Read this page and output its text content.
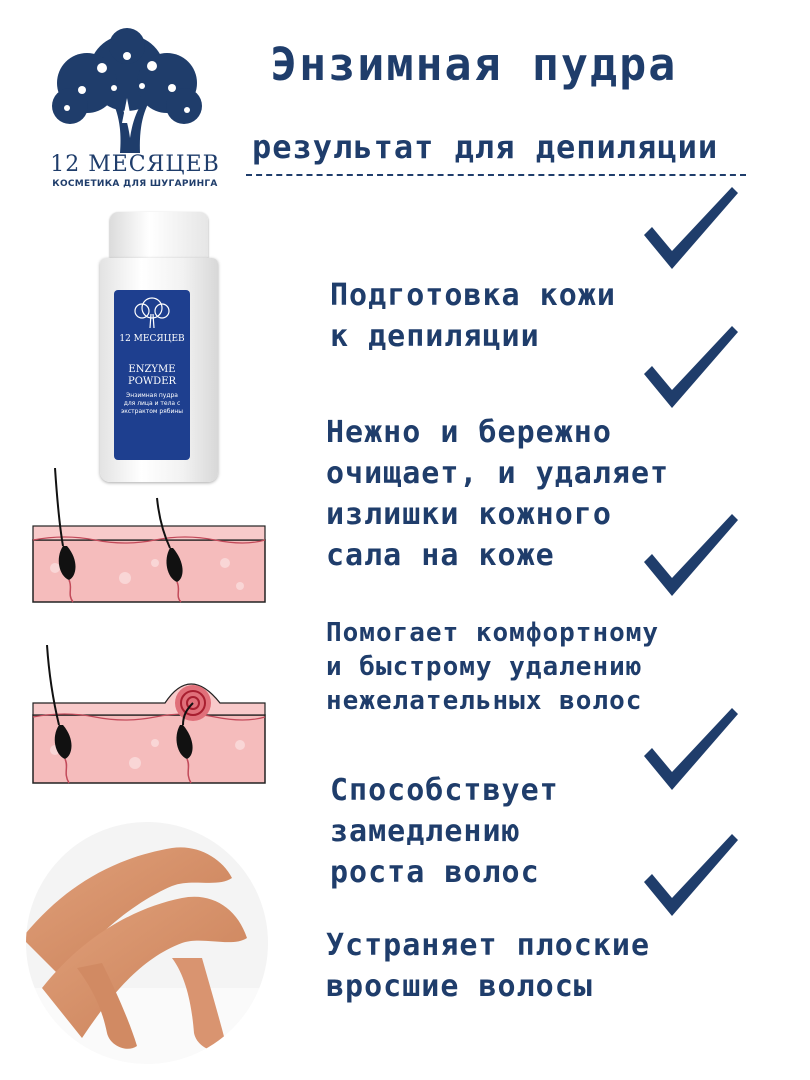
12 МЕСЯЦЕВ
КОСМЕТИКА ДЛЯ ШУГАРИНГА
Энзимная пудра
результат для депиляции
12 МЕСЯЦЕВ
ENZYME
POWDER
Энзимная пудра для лица и тела с экстрактом рябины
Подготовка кожи
к депиляции
Нежно и бережно
очищает, и удаляет
излишки кожного
сала на коже
Помогает комфортному
и быстрому удалению
нежелательных волос
Способствует
замедлению
роста волос
Устраняет плоские
вросшие волосы
